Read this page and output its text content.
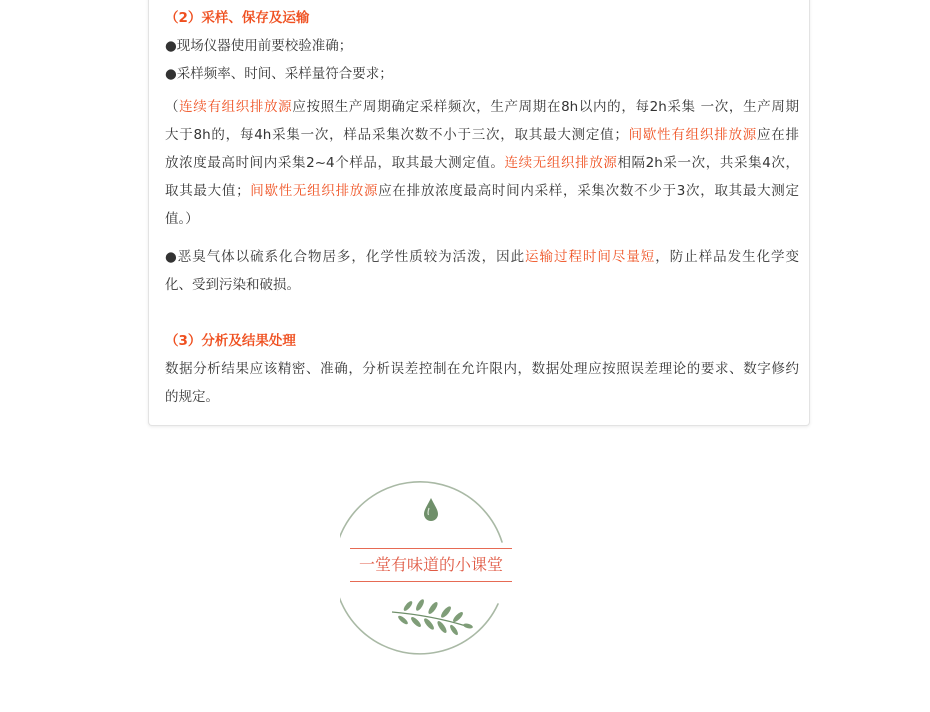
（2）采样、保存及运输
●现场仪器使用前要校验准确；
●采样频率、时间、采样量符合要求；
（连续有组织排放源应按照生产周期确定采样频次，生产周期在8h以内的，每2h采集 一次，生产周期
大于8h的，每4h采集一次，样品采集次数不小于三次，取其最大测定值；间歇性有组织排放源应在排
放浓度最高时间内采集2~4个样品，取其最大测定值。连续无组织排放源相隔2h采一次，共采集4次，
取其最大值；间歇性无组织排放源应在排放浓度最高时间内采样，采集次数不少于3次，取其最大测定
值。）
●恶臭气体以硫系化合物居多，化学性质较为活泼，因此运输过程时间尽量短，防止样品发生化学变
化、受到污染和破损。
（3）分析及结果处理
数据分析结果应该精密、准确，分析误差控制在允许限内，数据处理应按照误差理论的要求、数字修约
的规定。
一堂有味道的小课堂
